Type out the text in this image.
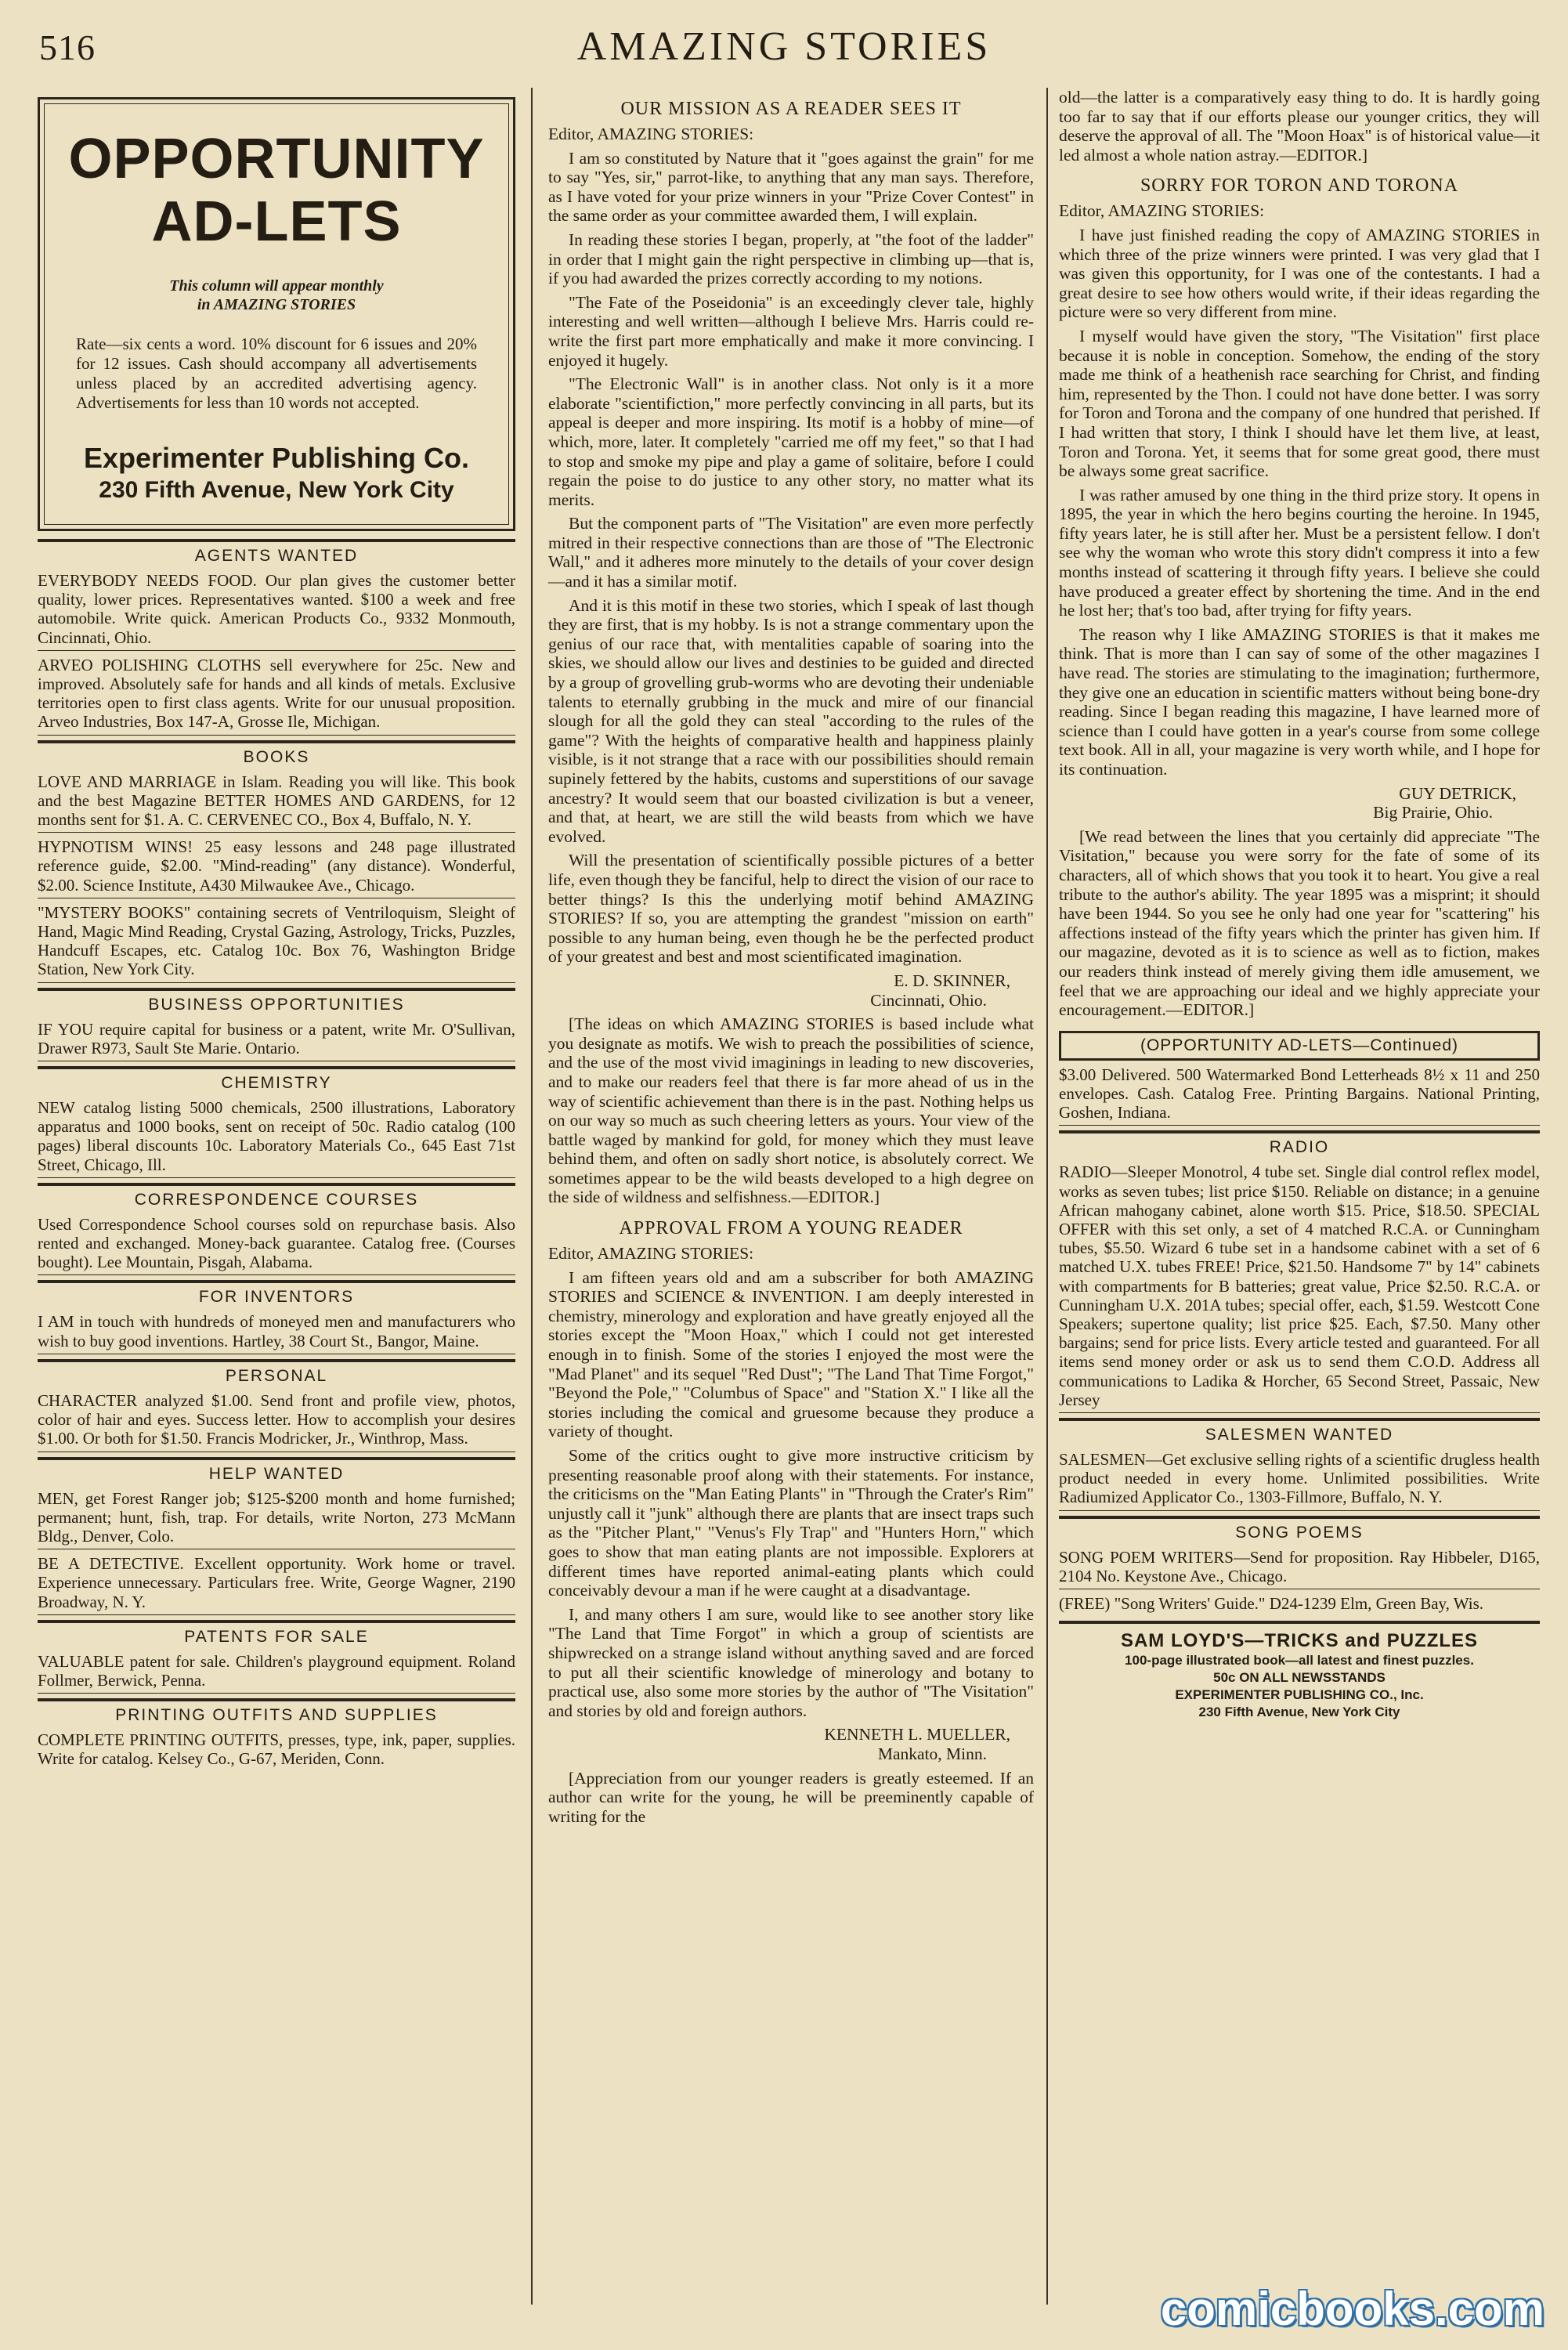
516	AMAZING STORIES
OPPORTUNITY
AD-LETS
This column will appear monthly
in AMAZING STORIES

Rate—six cents a word. 10% discount for 6 issues and 20% for 12 issues. Cash should accompany all advertisements unless placed by an accredited advertising agency. Advertisements for less than 10 words not accepted.

Experimenter Publishing Co.
230 Fifth Avenue, New York City
AGENTS WANTED
EVERYBODY NEEDS FOOD. Our plan gives the customer better quality, lower prices. Representatives wanted. $100 a week and free automobile. Write quick. American Products Co., 9332 Monmouth, Cincinnati, Ohio.
ARVEO POLISHING CLOTHS sell everywhere for 25c. New and improved. Absolutely safe for hands and all kinds of metals. Exclusive territories open to first class agents. Write for our unusual proposition. Arveo Industries, Box 147-A, Grosse Ile, Michigan.
BOOKS
LOVE AND MARRIAGE in Islam. Reading you will like. This book and the best Magazine BETTER HOMES AND GARDENS, for 12 months sent for $1. A. C. CERVENEC CO., Box 4, Buffalo, N. Y.
HYPNOTISM WINS! 25 easy lessons and 248 page illustrated reference guide, $2.00. "Mind-reading" (any distance). Wonderful, $2.00. Science Institute, A430 Milwaukee Ave., Chicago.
"MYSTERY BOOKS" containing secrets of Ventriloquism, Sleight of Hand, Magic Mind Reading, Crystal Gazing, Astrology, Tricks, Puzzles, Handcuff Escapes, etc. Catalog 10c. Box 76, Washington Bridge Station, New York City.
BUSINESS OPPORTUNITIES
IF YOU require capital for business or a patent, write Mr. O'Sullivan, Drawer R973, Sault Ste Marie. Ontario.
CHEMISTRY
NEW catalog listing 5000 chemicals, 2500 illustrations, Laboratory apparatus and 1000 books, sent on receipt of 50c. Radio catalog (100 pages) liberal discounts 10c. Laboratory Materials Co., 645 East 71st Street, Chicago, Ill.
CORRESPONDENCE COURSES
Used Correspondence School courses sold on repurchase basis. Also rented and exchanged. Money-back guarantee. Catalog free. (Courses bought). Lee Mountain, Pisgah, Alabama.
FOR INVENTORS
I AM in touch with hundreds of moneyed men and manufacturers who wish to buy good inventions. Hartley, 38 Court St., Bangor, Maine.
PERSONAL
CHARACTER analyzed $1.00. Send front and profile view, photos, color of hair and eyes. Success letter. How to accomplish your desires $1.00. Or both for $1.50. Francis Modricker, Jr., Winthrop, Mass.
HELP WANTED
MEN, get Forest Ranger job; $125-$200 month and home furnished; permanent; hunt, fish, trap. For details, write Norton, 273 McMann Bldg., Denver, Colo.
BE A DETECTIVE. Excellent opportunity. Work home or travel. Experience unnecessary. Particulars free. Write, George Wagner, 2190 Broadway, N. Y.
PATENTS FOR SALE
VALUABLE patent for sale. Children's playground equipment. Roland Follmer, Berwick, Penna.
PRINTING OUTFITS AND SUPPLIES
COMPLETE PRINTING OUTFITS, presses, type, ink, paper, supplies. Write for catalog. Kelsey Co., G-67, Meriden, Conn.
OUR MISSION AS A READER SEES IT

Editor, AMAZING STORIES:

I am so constituted by Nature that it "goes against the grain" for me to say "Yes, sir," parrot-like, to anything that any man says. Therefore, as I have voted for your prize winners in your "Prize Cover Contest" in the same order as your committee awarded them, I will explain.

In reading these stories I began, properly, at "the foot of the ladder" in order that I might gain the right perspective in climbing up—that is, if you had awarded the prizes correctly according to my notions.

"The Fate of the Poseidonia" is an exceedingly clever tale, highly interesting and well written—although I believe Mrs. Harris could re-write the first part more emphatically and make it more convincing. I enjoyed it hugely.

"The Electronic Wall" is in another class. Not only is it a more elaborate "scientifiction," more perfectly convincing in all parts, but its appeal is deeper and more inspiring. Its motif is a hobby of mine—of which, more, later. It completely "carried me off my feet," so that I had to stop and smoke my pipe and play a game of solitaire, before I could regain the poise to do justice to any other story, no matter what its merits.

But the component parts of "The Visitation" are even more perfectly mitred in their respective connections than are those of "The Electronic Wall," and it adheres more minutely to the details of your cover design—and it has a similar motif.

And it is this motif in these two stories, which I speak of last though they are first, that is my hobby. Is is not a strange commentary upon the genius of our race that, with mentalities capable of soaring into the skies, we should allow our lives and destinies to be guided and directed by a group of grovelling grub-worms who are devoting their undeniable talents to eternally grubbing in the muck and mire of our financial slough for all the gold they can steal "according to the rules of the game"? With the heights of comparative health and happiness plainly visible, is it not strange that a race with our possibilities should remain supinely fettered by the habits, customs and superstitions of our savage ancestry? It would seem that our boasted civilization is but a veneer, and that, at heart, we are still the wild beasts from which we have evolved.

Will the presentation of scientifically possible pictures of a better life, even though they be fanciful, help to direct the vision of our race to better things? Is this the underlying motif behind AMAZING STORIES? If so, you are attempting the grandest "mission on earth" possible to any human being, even though he be the perfected product of your greatest and best and most scientificated imagination.

E. D. SKINNER,

Cincinnati, Ohio.

[The ideas on which AMAZING STORIES is based include what you designate as motifs. We wish to preach the possibilities of science, and the use of the most vivid imaginings in leading to new discoveries, and to make our readers feel that there is far more ahead of us in the way of scientific achievement than there is in the past. Nothing helps us on our way so much as such cheering letters as yours. Your view of the battle waged by mankind for gold, for money which they must leave behind them, and often on sadly short notice, is absolutely correct. We sometimes appear to be the wild beasts developed to a high degree on the side of wildness and selfishness.—EDITOR.]

APPROVAL FROM A YOUNG READER

Editor, AMAZING STORIES:

I am fifteen years old and am a subscriber for both AMAZING STORIES and SCIENCE & INVENTION. I am deeply interested in chemistry, minerology and exploration and have greatly enjoyed all the stories except the "Moon Hoax," which I could not get interested enough in to finish. Some of the stories I enjoyed the most were the "Mad Planet" and its sequel "Red Dust"; "The Land That Time Forgot," "Beyond the Pole," "Columbus of Space" and "Station X." I like all the stories including the comical and gruesome because they produce a variety of thought.

Some of the critics ought to give more instructive criticism by presenting reasonable proof along with their statements. For instance, the criticisms on the "Man Eating Plants" in "Through the Crater's Rim" unjustly call it "junk" although there are plants that are insect traps such as the "Pitcher Plant," "Venus's Fly Trap" and "Hunters Horn," which goes to show that man eating plants are not impossible. Explorers at different times have reported animal-eating plants which could conceivably devour a man if he were caught at a disadvantage.

I, and many others I am sure, would like to see another story like "The Land that Time Forgot" in which a group of scientists are shipwrecked on a strange island without anything saved and are forced to put all their scientific knowledge of minerology and botany to practical use, also some more stories by the author of "The Visitation" and stories by old and foreign authors.

KENNETH L. MUELLER,

Mankato, Minn.

[Appreciation from our younger readers is greatly esteemed. If an author can write for the young, he will be preeminently capable of writing for the

old—the latter is a comparatively easy thing to do. It is hardly going too far to say that if our efforts please our younger critics, they will deserve the approval of all. The "Moon Hoax" is of historical value—it led almost a whole nation astray.—EDITOR.]

SORRY FOR TORON AND TORONA

Editor, AMAZING STORIES:

I have just finished reading the copy of AMAZING STORIES in which three of the prize winners were printed. I was very glad that I was given this opportunity, for I was one of the contestants. I had a great desire to see how others would write, if their ideas regarding the picture were so very different from mine.

I myself would have given the story, "The Visitation" first place because it is noble in conception. Somehow, the ending of the story made me think of a heathenish race searching for Christ, and finding him, represented by the Thon. I could not have done better. I was sorry for Toron and Torona and the company of one hundred that perished. If I had written that story, I think I should have let them live, at least, Toron and Torona. Yet, it seems that for some great good, there must be always some great sacrifice.

I was rather amused by one thing in the third prize story. It opens in 1895, the year in which the hero begins courting the heroine. In 1945, fifty years later, he is still after her. Must be a persistent fellow. I don't see why the woman who wrote this story didn't compress it into a few months instead of scattering it through fifty years. I believe she could have produced a greater effect by shortening the time. And in the end he lost her; that's too bad, after trying for fifty years.

The reason why I like AMAZING STORIES is that it makes me think. That is more than I can say of some of the other magazines I have read. The stories are stimulating to the imagination; furthermore, they give one an education in scientific matters without being bone-dry reading. Since I began reading this magazine, I have learned more of science than I could have gotten in a year's course from some college text book. All in all, your magazine is very worth while, and I hope for its continuation.

GUY DETRICK,

Big Prairie, Ohio.

[We read between the lines that you certainly did appreciate "The Visitation," because you were sorry for the fate of some of its characters, all of which shows that you took it to heart. You give a real tribute to the author's ability. The year 1895 was a misprint; it should have been 1944. So you see he only had one year for "scattering" his affections instead of the fifty years which the printer has given him. If our magazine, devoted as it is to science as well as to fiction, makes our readers think instead of merely giving them idle amusement, we feel that we are approaching our ideal and we highly appreciate your encouragement.—EDITOR.]

(OPPORTUNITY AD-LETS—Continued)
$3.00 Delivered. 500 Watermarked Bond Letterheads 8½ x 11 and 250 envelopes. Cash. Catalog Free. Printing Bargains. National Printing, Goshen, Indiana.
RADIO
RADIO—Sleeper Monotrol, 4 tube set. Single dial control reflex model, works as seven tubes; list price $150. Reliable on distance; in a genuine African mahogany cabinet, alone worth $15. Price, $18.50. SPECIAL OFFER with this set only, a set of 4 matched R.C.A. or Cunningham tubes, $5.50. Wizard 6 tube set in a handsome cabinet with a set of 6 matched U.X. tubes FREE! Price, $21.50. Handsome 7" by 14" cabinets with compartments for B batteries; great value, Price $2.50. R.C.A. or Cunningham U.X. 201A tubes; special offer, each, $1.59. Westcott Cone Speakers; supertone quality; list price $25. Each, $7.50. Many other bargains; send for price lists. Every article tested and guaranteed. For all items send money order or ask us to send them C.O.D. Address all communications to Ladika & Horcher, 65 Second Street, Passaic, New Jersey
SALESMEN WANTED
SALESMEN—Get exclusive selling rights of a scientific drugless health product needed in every home. Unlimited possibilities. Write Radiumized Applicator Co., 1303-Fillmore, Buffalo, N. Y.
SONG POEMS
SONG POEM WRITERS—Send for proposition. Ray Hibbeler, D165, 2104 No. Keystone Ave., Chicago.
(FREE) "Song Writers' Guide." D24-1239 Elm, Green Bay, Wis.
SAM LOYD'S—TRICKS and PUZZLES
100-page illustrated book—all latest and finest puzzles.
50c ON ALL NEWSSTANDS
EXPERIMENTER PUBLISHING CO., Inc.
230 Fifth Avenue, New York City
comicbooks.com
